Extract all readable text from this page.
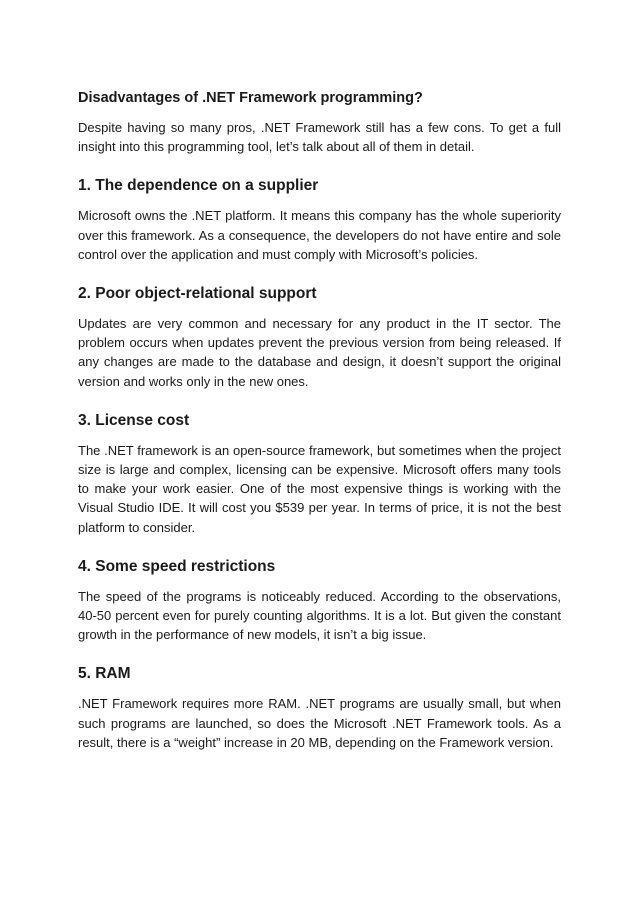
Disadvantages of .NET Framework programming?

Despite having so many pros, .NET Framework still has a few cons. To get a full insight into this programming tool, let’s talk about all of them in detail.

1. The dependence on a supplier

Microsoft owns the .NET platform. It means this company has the whole superiority over this framework. As a consequence, the developers do not have entire and sole control over the application and must comply with Microsoft’s policies.

2. Poor object-relational support

Updates are very common and necessary for any product in the IT sector. The problem occurs when updates prevent the previous version from being released. If any changes are made to the database and design, it doesn’t support the original version and works only in the new ones.

3. License cost

The .NET framework is an open-source framework, but sometimes when the project size is large and complex, licensing can be expensive. Microsoft offers many tools to make your work easier. One of the most expensive things is working with the Visual Studio IDE. It will cost you $539 per year. In terms of price, it is not the best platform to consider.

4. Some speed restrictions

The speed of the programs is noticeably reduced. According to the observations, 40-50 percent even for purely counting algorithms. It is a lot. But given the constant growth in the performance of new models, it isn’t a big issue.

5. RAM

.NET Framework requires more RAM. .NET programs are usually small, but when such programs are launched, so does the Microsoft .NET Framework tools. As a result, there is a “weight” increase in 20 MB, depending on the Framework version.
